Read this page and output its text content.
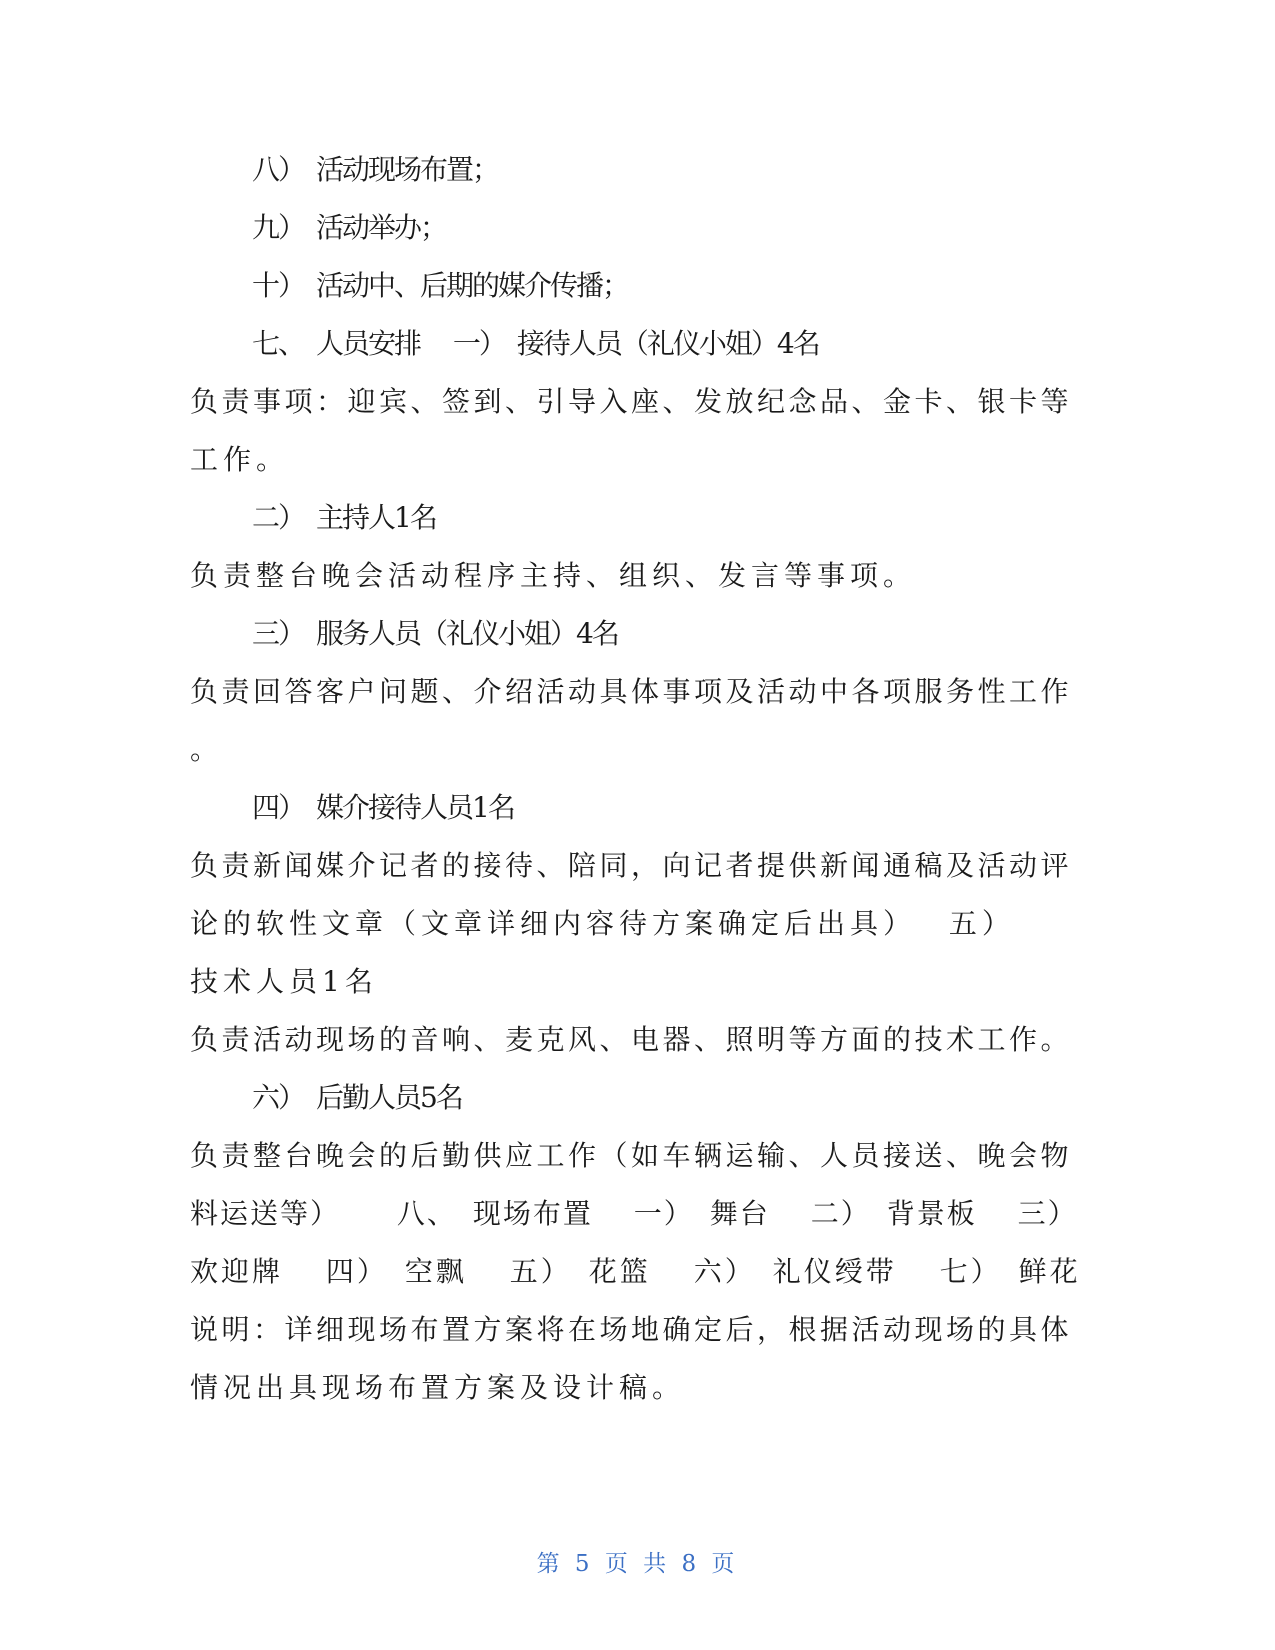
八）　活动现场布置；
九）　活动举办；
十）　活动中、后期的媒介传播；
七、　人员安排　 一）　接待人员（礼仪小姐）4名
负责事项：迎宾、签到、引导入座、发放纪念品、金卡、银卡等
工作。
二）　主持人1名
负责整台晚会活动程序主持、组织、发言等事项。
三）　服务人员（礼仪小姐）4名
负责回答客户问题、介绍活动具体事项及活动中各项服务性工作
。
四）　媒介接待人员1名
负责新闻媒介记者的接待、陪同，向记者提供新闻通稿及活动评
论的软性文章（文章详细内容待方案确定后出具）　 五）
技术人员1名
负责活动现场的音响、麦克风、电器、照明等方面的技术工作。
六）　后勤人员5名
负责整台晚会的后勤供应工作（如车辆运输、人员接送、晚会物
料运送等）　　 八、　现场布置　 一）　舞台　 二）　背景板　 三）
欢迎牌　 四）　空飘　 五）　花篮　 六）　礼仪绶带　 七）　鲜花
说明：详细现场布置方案将在场地确定后，根据活动现场的具体
情况出具现场布置方案及设计稿。
第 5 页 共 8 页
